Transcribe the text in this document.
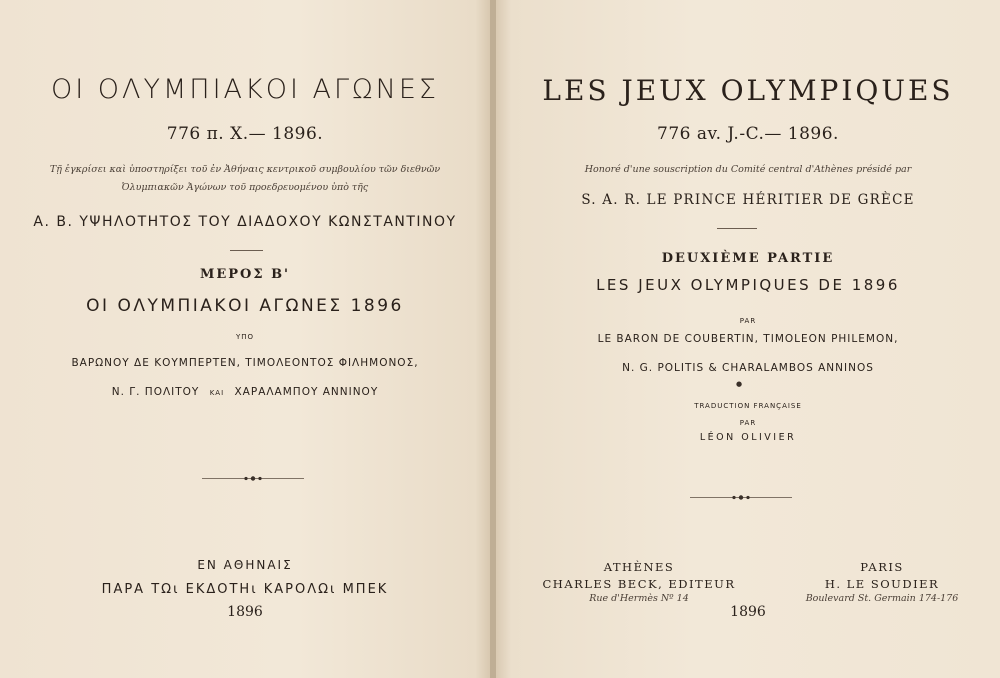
ΟΙ ΟΛΥΜΠΙΑΚΟΙ ΑΓΩΝΕΣ
776 π. Χ.— 1896.
Τῇ ἐγκρίσει καὶ ὑποστηρίξει τοῦ ἐν Ἀθήναις κεντρικοῦ συμβουλίου τῶν διεθνῶν
Ὀλυμπιακῶν Ἀγώνων τοῦ προεδρευομένου ὑπὸ τῆς
Α. Β. ΥΨΗΛΟΤΗΤΟΣ ΤΟΥ ΔΙΑΔΟΧΟΥ ΚΩΝΣΤΑΝΤΙΝΟΥ
ΜΕΡΟΣ Β'
ΟΙ ΟΛΥΜΠΙΑΚΟΙ ΑΓΩΝΕΣ 1896
ΥΠΟ
ΒΑΡΩΝΟΥ ΔΕ ΚΟΥΜΠΕΡΤΕΝ, ΤΙΜΟΛΕΟΝΤΟΣ ΦΙΛΗΜΟΝΟΣ,
Ν. Γ. ΠΟΛΙΤΟΥ ΚΑΙ ΧΑΡΑΛΑΜΠΟΥ ΑΝΝΙΝΟΥ
ΕΝ ΑΘΗΝΑΙΣ
ΠΑΡΑ ΤΩι ΕΚΔΟΤΗι ΚΑΡΟΛΩι ΜΠΕΚ
1896
LES JEUX OLYMPIQUES
776 av. J.-C.— 1896.
Honoré d'une souscription du Comité central d'Athènes présidé par
S. A. R. LE PRINCE HÉRITIER DE GRÈCE
DEUXIÈME PARTIE
LES JEUX OLYMPIQUES DE 1896
PAR
LE BARON DE COUBERTIN, TIMOLEON PHILEMON,
N. G. POLITIS & CHARALAMBOS ANNINOS
●
TRADUCTION FRANÇAISE
PAR
LÉON OLIVIER
ATHÈNES
CHARLES BECK, EDITEUR
Rue d'Hermès Nº 14
PARIS
H. LE SOUDIER
Boulevard St. Germain 174-176
1896
